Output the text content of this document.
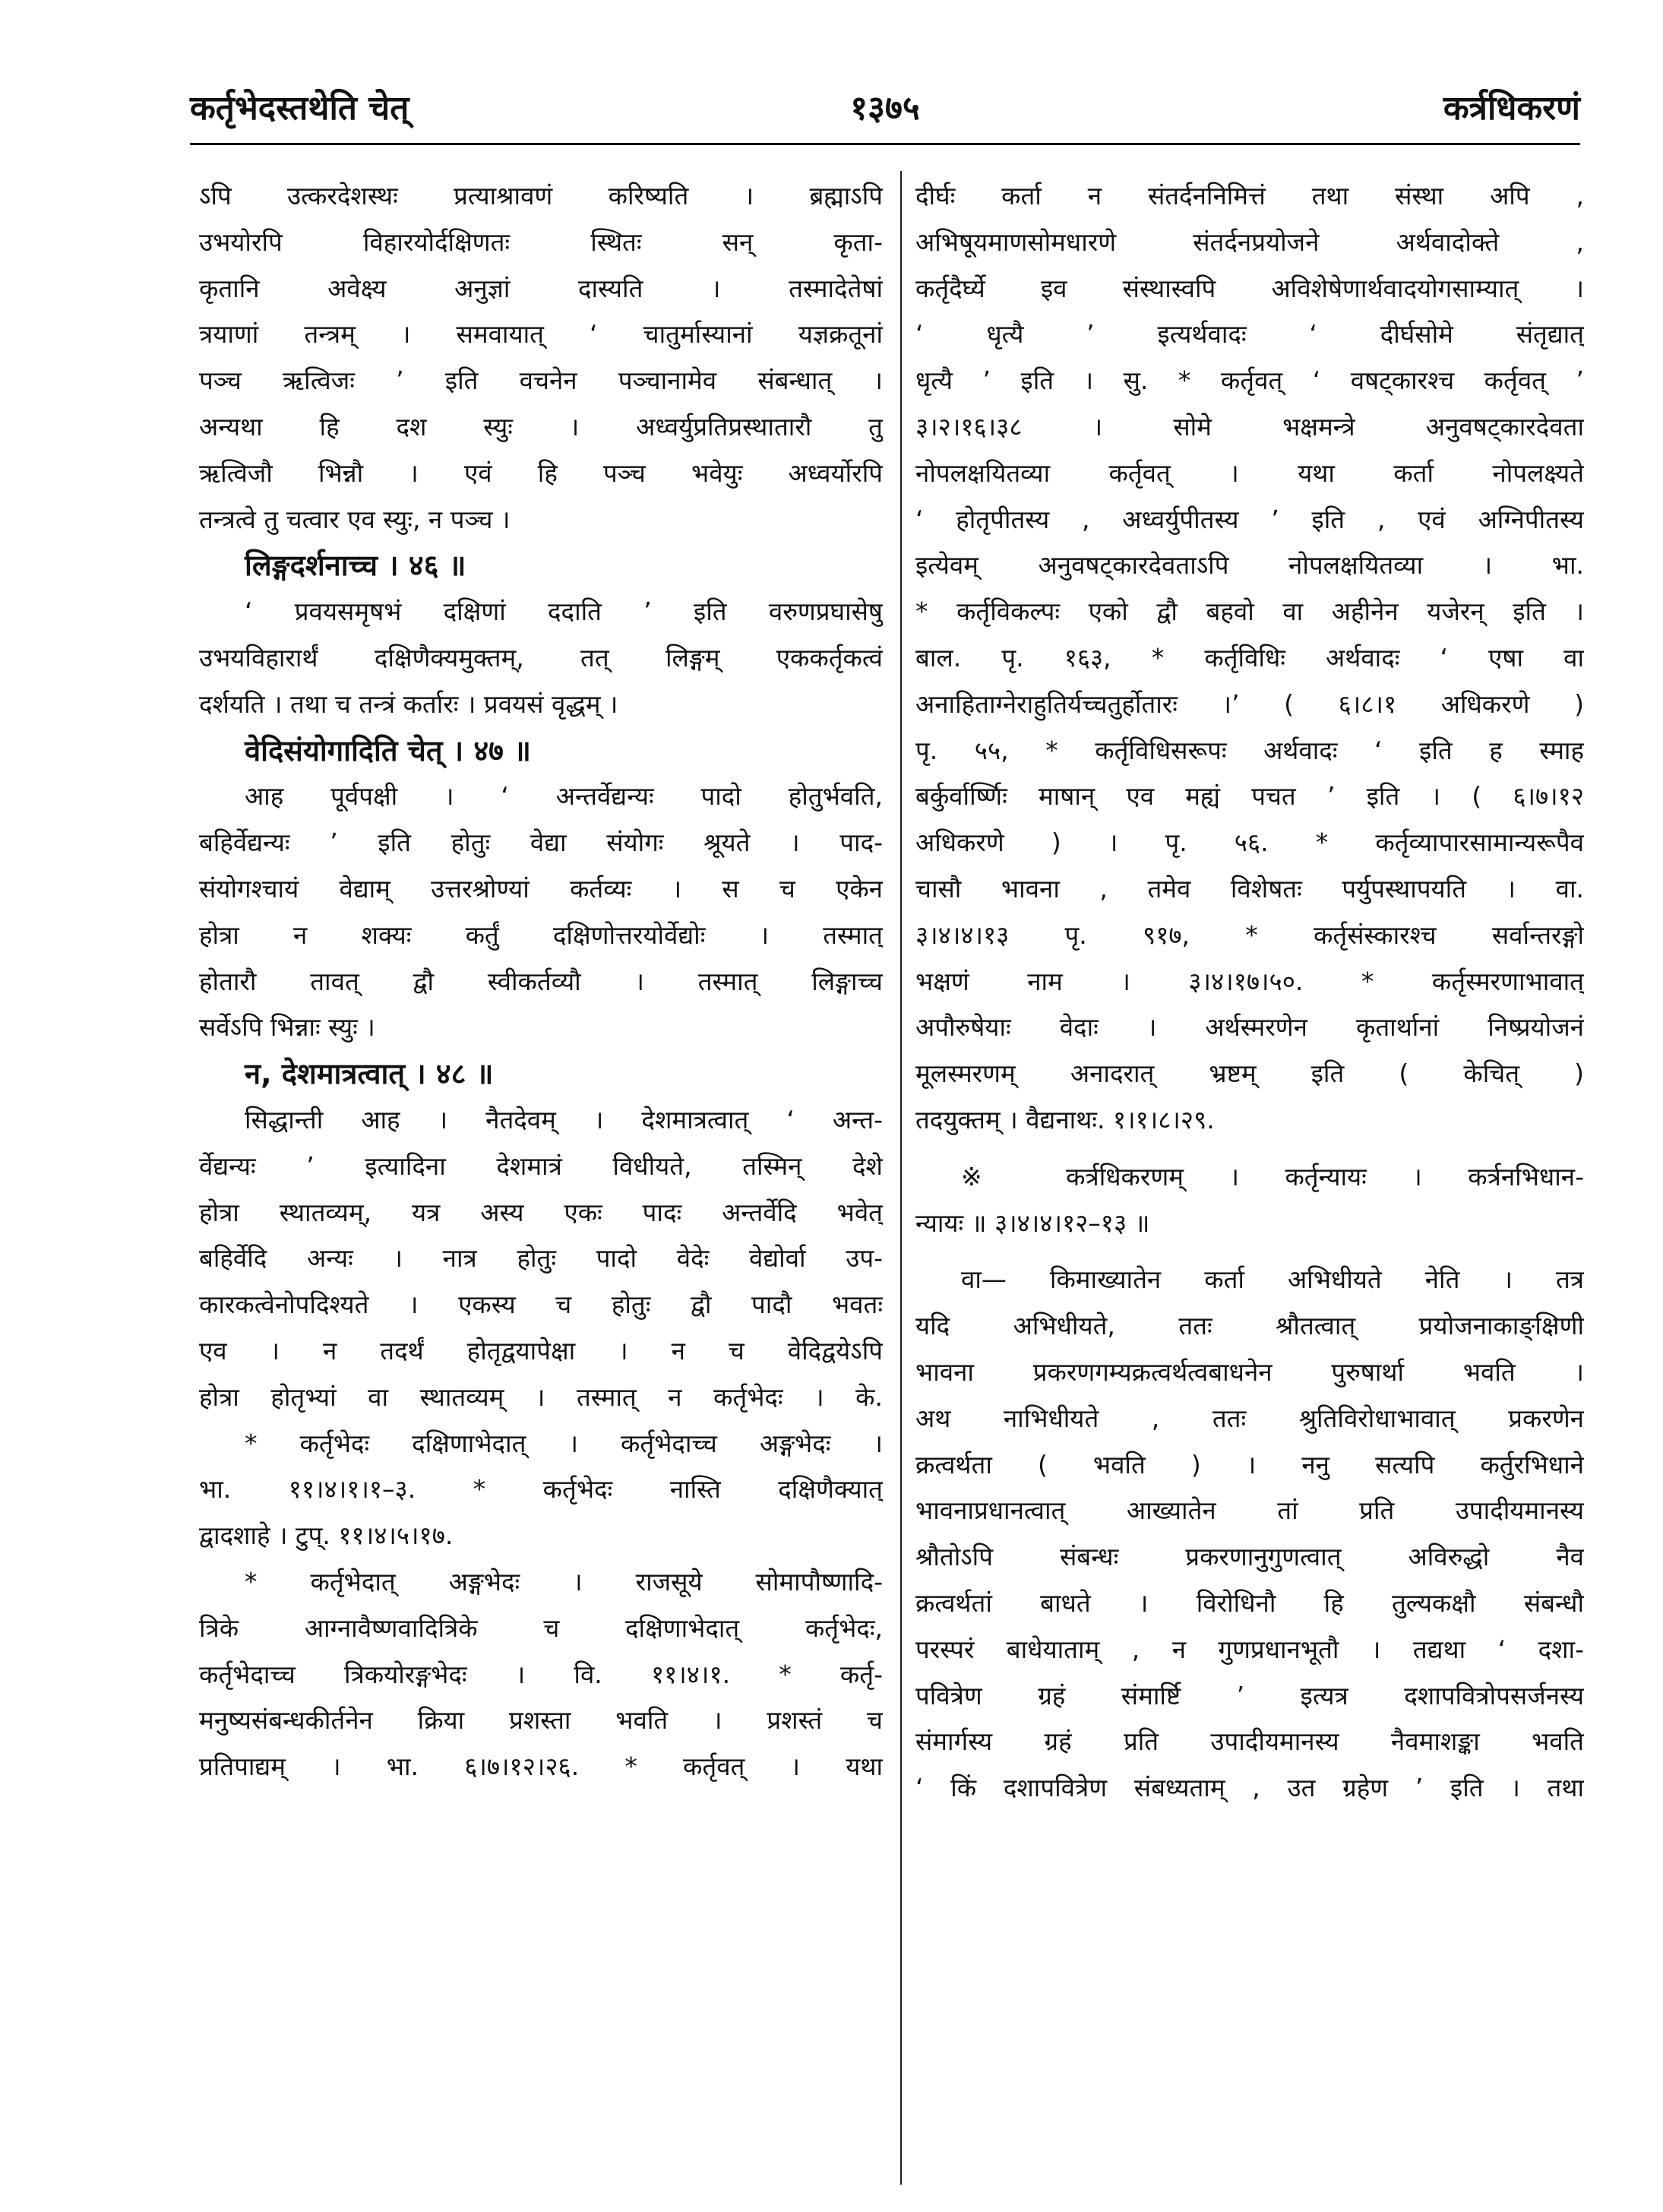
कर्तृभेदस्तथेति चेत्	१३७५	कर्त्रधिकरणं
ऽपि उत्करदेशस्थः प्रत्याश्रावणं करिष्यति । ब्रह्माऽपि
उभयोरपि विहारयोर्दक्षिणतः स्थितः सन् कृता-
कृतानि अवेक्ष्य अनुज्ञां दास्यति । तस्मादेतेषां
त्रयाणां तन्त्रम् । समवायात् ‘ चातुर्मास्यानां यज्ञक्रतूनां
पञ्च ऋत्विजः ’ इति वचनेन पञ्चानामेव संबन्धात् ।
अन्यथा हि दश स्युः । अध्वर्युप्रतिप्रस्थातारौ तु
ऋत्विजौ भिन्नौ । एवं हि पञ्च भवेयुः अध्वर्योरपि
तन्त्रत्वे तु चत्वार एव स्युः, न पञ्च ।
लिङ्गदर्शनाच्च । ४६ ॥
‘ प्रवयसमृषभं दक्षिणां ददाति ’ इति वरुणप्रघासेषु
उभयविहारार्थं दक्षिणैक्यमुक्तम्, तत् लिङ्गम् एककर्तृकत्वं
दर्शयति । तथा च तन्त्रं कर्तारः । प्रवयसं वृद्धम् ।
वेदिसंयोगादिति चेत् । ४७ ॥
आह पूर्वपक्षी । ‘ अन्तर्वेद्यन्यः पादो होतुर्भवति,
बहिर्वेद्यन्यः ’ इति होतुः वेद्या संयोगः श्रूयते । पाद-
संयोगश्चायं वेद्याम् उत्तरश्रोण्यां कर्तव्यः । स च एकेन
होत्रा न शक्यः कर्तुं दक्षिणोत्तरयोर्वेद्योः । तस्मात्
होतारौ तावत् द्वौ स्वीकर्तव्यौ । तस्मात् लिङ्गाच्च
सर्वेऽपि भिन्नाः स्युः ।
न, देशमात्रत्वात् । ४८ ॥
सिद्धान्ती आह । नैतदेवम् । देशमात्रत्वात् ‘ अन्त-
र्वेद्यन्यः ’ इत्यादिना देशमात्रं विधीयते, तस्मिन् देशे
होत्रा स्थातव्यम्, यत्र अस्य एकः पादः अन्तर्वेदि भवेत्
बहिर्वेदि अन्यः । नात्र होतुः पादो वेदेः वेद्योर्वा उप-
कारकत्वेनोपदिश्यते । एकस्य च होतुः द्वौ पादौ भवतः
एव । न तदर्थं होतृद्वयापेक्षा । न च वेदिद्वयेऽपि
होत्रा होतृभ्यां वा स्थातव्यम् । तस्मात् न कर्तृभेदः । के.
* कर्तृभेदः दक्षिणाभेदात् । कर्तृभेदाच्च अङ्गभेदः ।
भा. ११।४।१।१–३. * कर्तृभेदः नास्ति दक्षिणैक्यात्
द्वादशाहे । टुप्. ११।४।५।१७.
* कर्तृभेदात् अङ्गभेदः । राजसूये सोमापौष्णादि-
त्रिके आग्नावैष्णवादित्रिके च दक्षिणाभेदात् कर्तृभेदः,
कर्तृभेदाच्च त्रिकयोरङ्गभेदः । वि. ११।४।१. * कर्तृ-
मनुष्यसंबन्धकीर्तनेन क्रिया प्रशस्ता भवति । प्रशस्तं च
प्रतिपाद्यम् । भा. ६।७।१२।२६. * कर्तृवत् । यथा
दीर्घः कर्ता न संतर्दननिमित्तं तथा संस्था अपि ,
अभिषूयमाणसोमधारणे संतर्दनप्रयोजने अर्थवादोक्ते ,
कर्तृदैर्घ्ये इव संस्थास्वपि अविशेषेणार्थवादयोगसाम्यात् ।
‘ धृत्यै ’ इत्यर्थवादः ‘ दीर्घसोमे संतृद्यात्
धृत्यै ’ इति । सु. * कर्तृवत् ‘ वषट्कारश्च कर्तृवत् ’
३।२।१६।३८ । सोमे भक्षमन्त्रे अनुवषट्कारदेवता
नोपलक्षयितव्या कर्तृवत् । यथा कर्ता नोपलक्ष्यते
‘ होतृपीतस्य , अध्वर्युपीतस्य ’ इति , एवं अग्निपीतस्य
इत्येवम् अनुवषट्कारदेवताऽपि नोपलक्षयितव्या । भा.
* कर्तृविकल्पः एको द्वौ बहवो वा अहीनेन यजेरन् इति ।
बाल. पृ. १६३, * कर्तृविधिः अर्थवादः ‘ एषा वा
अनाहिताग्नेराहुतिर्यच्चतुर्होतारः ।’ ( ६।८।१ अधिकरणे )
पृ. ५५, * कर्तृविधिसरूपः अर्थवादः ‘ इति ह स्माह
बर्कुर्वार्ष्णिः माषान् एव मह्यं पचत ’ इति । ( ६।७।१२
अधिकरणे ) । पृ. ५६. * कर्तृव्यापारसामान्यरूपैव
चासौ भावना , तमेव विशेषतः पर्युपस्थापयति । वा.
३।४।४।१३ पृ. ९१७, * कर्तृसंस्कारश्च सर्वान्तरङ्गो
भक्षणं नाम । ३।४।१७।५०. * कर्तृस्मरणाभावात्
अपौरुषेयाः वेदाः । अर्थस्मरणेन कृतार्थानां निष्प्रयोजनं
मूलस्मरणम् अनादरात् भ्रष्टम् इति ( केचित् )
तदयुक्तम् । वैद्यनाथः. १।१।८।२९.
※ कर्त्रधिकरणम् । कर्तृन्यायः । कर्त्रनभिधान-
न्यायः ॥ ३।४।४।१२–१३ ॥
वा— किमाख्यातेन कर्ता अभिधीयते नेति । तत्र
यदि अभिधीयते, ततः श्रौतत्वात् प्रयोजनाकाङ्क्षिणी
भावना प्रकरणगम्यक्रत्वर्थत्वबाधनेन पुरुषार्था भवति ।
अथ नाभिधीयते , ततः श्रुतिविरोधाभावात् प्रकरणेन
क्रत्वर्थता ( भवति ) । ननु सत्यपि कर्तुरभिधाने
भावनाप्रधानत्वात् आख्यातेन तां प्रति उपादीयमानस्य
श्रौतोऽपि संबन्धः प्रकरणानुगुणत्वात् अविरुद्धो नैव
क्रत्वर्थतां बाधते । विरोधिनौ हि तुल्यकक्षौ संबन्धौ
परस्परं बाधेयाताम् , न गुणप्रधानभूतौ । तद्यथा ‘ दशा-
पवित्रेण ग्रहं संमार्ष्टि ’ इत्यत्र दशापवित्रोपसर्जनस्य
संमार्गस्य ग्रहं प्रति उपादीयमानस्य नैवमाशङ्का भवति
‘ किं दशापवित्रेण संबध्यताम् , उत ग्रहेण ’ इति । तथा
